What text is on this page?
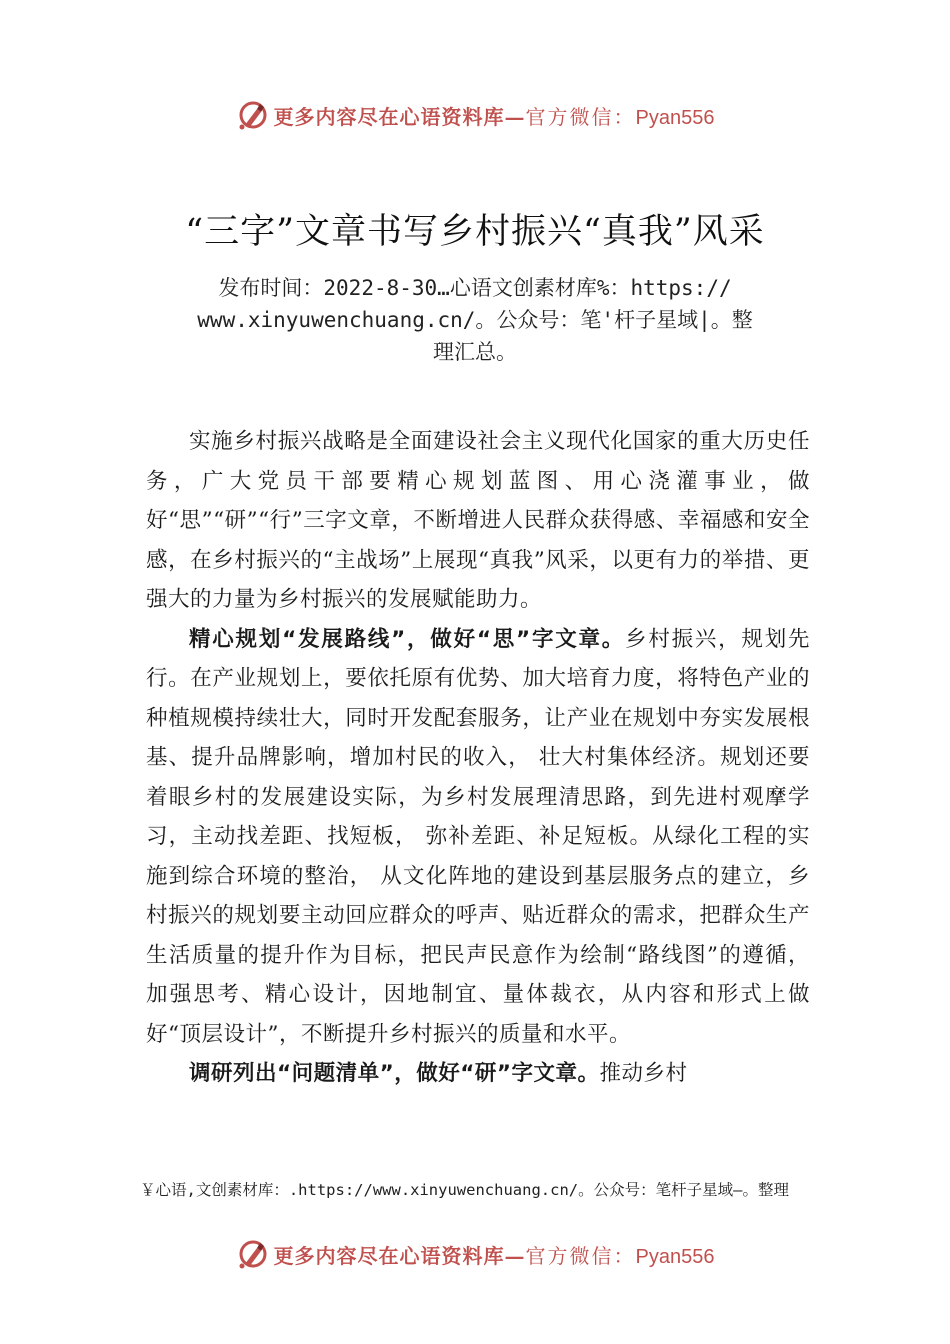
更多内容尽在心语资料库—官方微信：Pyan556
“三字”文章书写乡村振兴“真我”风采
发布时间：2022-8-30…心语文创素材库%：https://
www.xinyuwenchuang.cn/。公众号：笔'杆子星域|。整
理汇总。

实施乡村振兴战略是全面建设社会主义现代化国家的重大历史任务，广大党员干部要精心规划蓝图、用心浇灌事业，做好“思”“研”“行”三字文章，不断增进人民群众获得感、幸福感和安全感，在乡村振兴的“主战场”上展现“真我”风采，以更有力的举措、更强大的力量为乡村振兴的发展赋能助力。

精心规划“发展路线”，做好“思”字文章。乡村振兴，规划先行。在产业规划上，要依托原有优势、加大培育力度，将特色产业的种植规模持续壮大，同时开发配套服务，让产业在规划中夯实发展根基、提升品牌影响，增加村民的收入， 壮大村集体经济。规划还要着眼乡村的发展建设实际，为乡村发展理清思路，到先进村观摩学习，主动找差距、找短板， 弥补差距、补足短板。从绿化工程的实施到综合环境的整治， 从文化阵地的建设到基层服务点的建立，乡村振兴的规划要主动回应群众的呼声、贴近群众的需求，把群众生产生活质量的提升作为目标，把民声民意作为绘制“路线图”的遵循， 加强思考、精心设计，因地制宜、量体裁衣，从内容和形式上做好“顶层设计”，不断提升乡村振兴的质量和水平。

调研列出“问题清单”，做好“研”字文章。推动乡村

￥心语,文创素材库：.https://www.xinyuwenchuang.cn/。公众号：笔杆子星域—。整理
更多内容尽在心语资料库—官方微信：Pyan556
